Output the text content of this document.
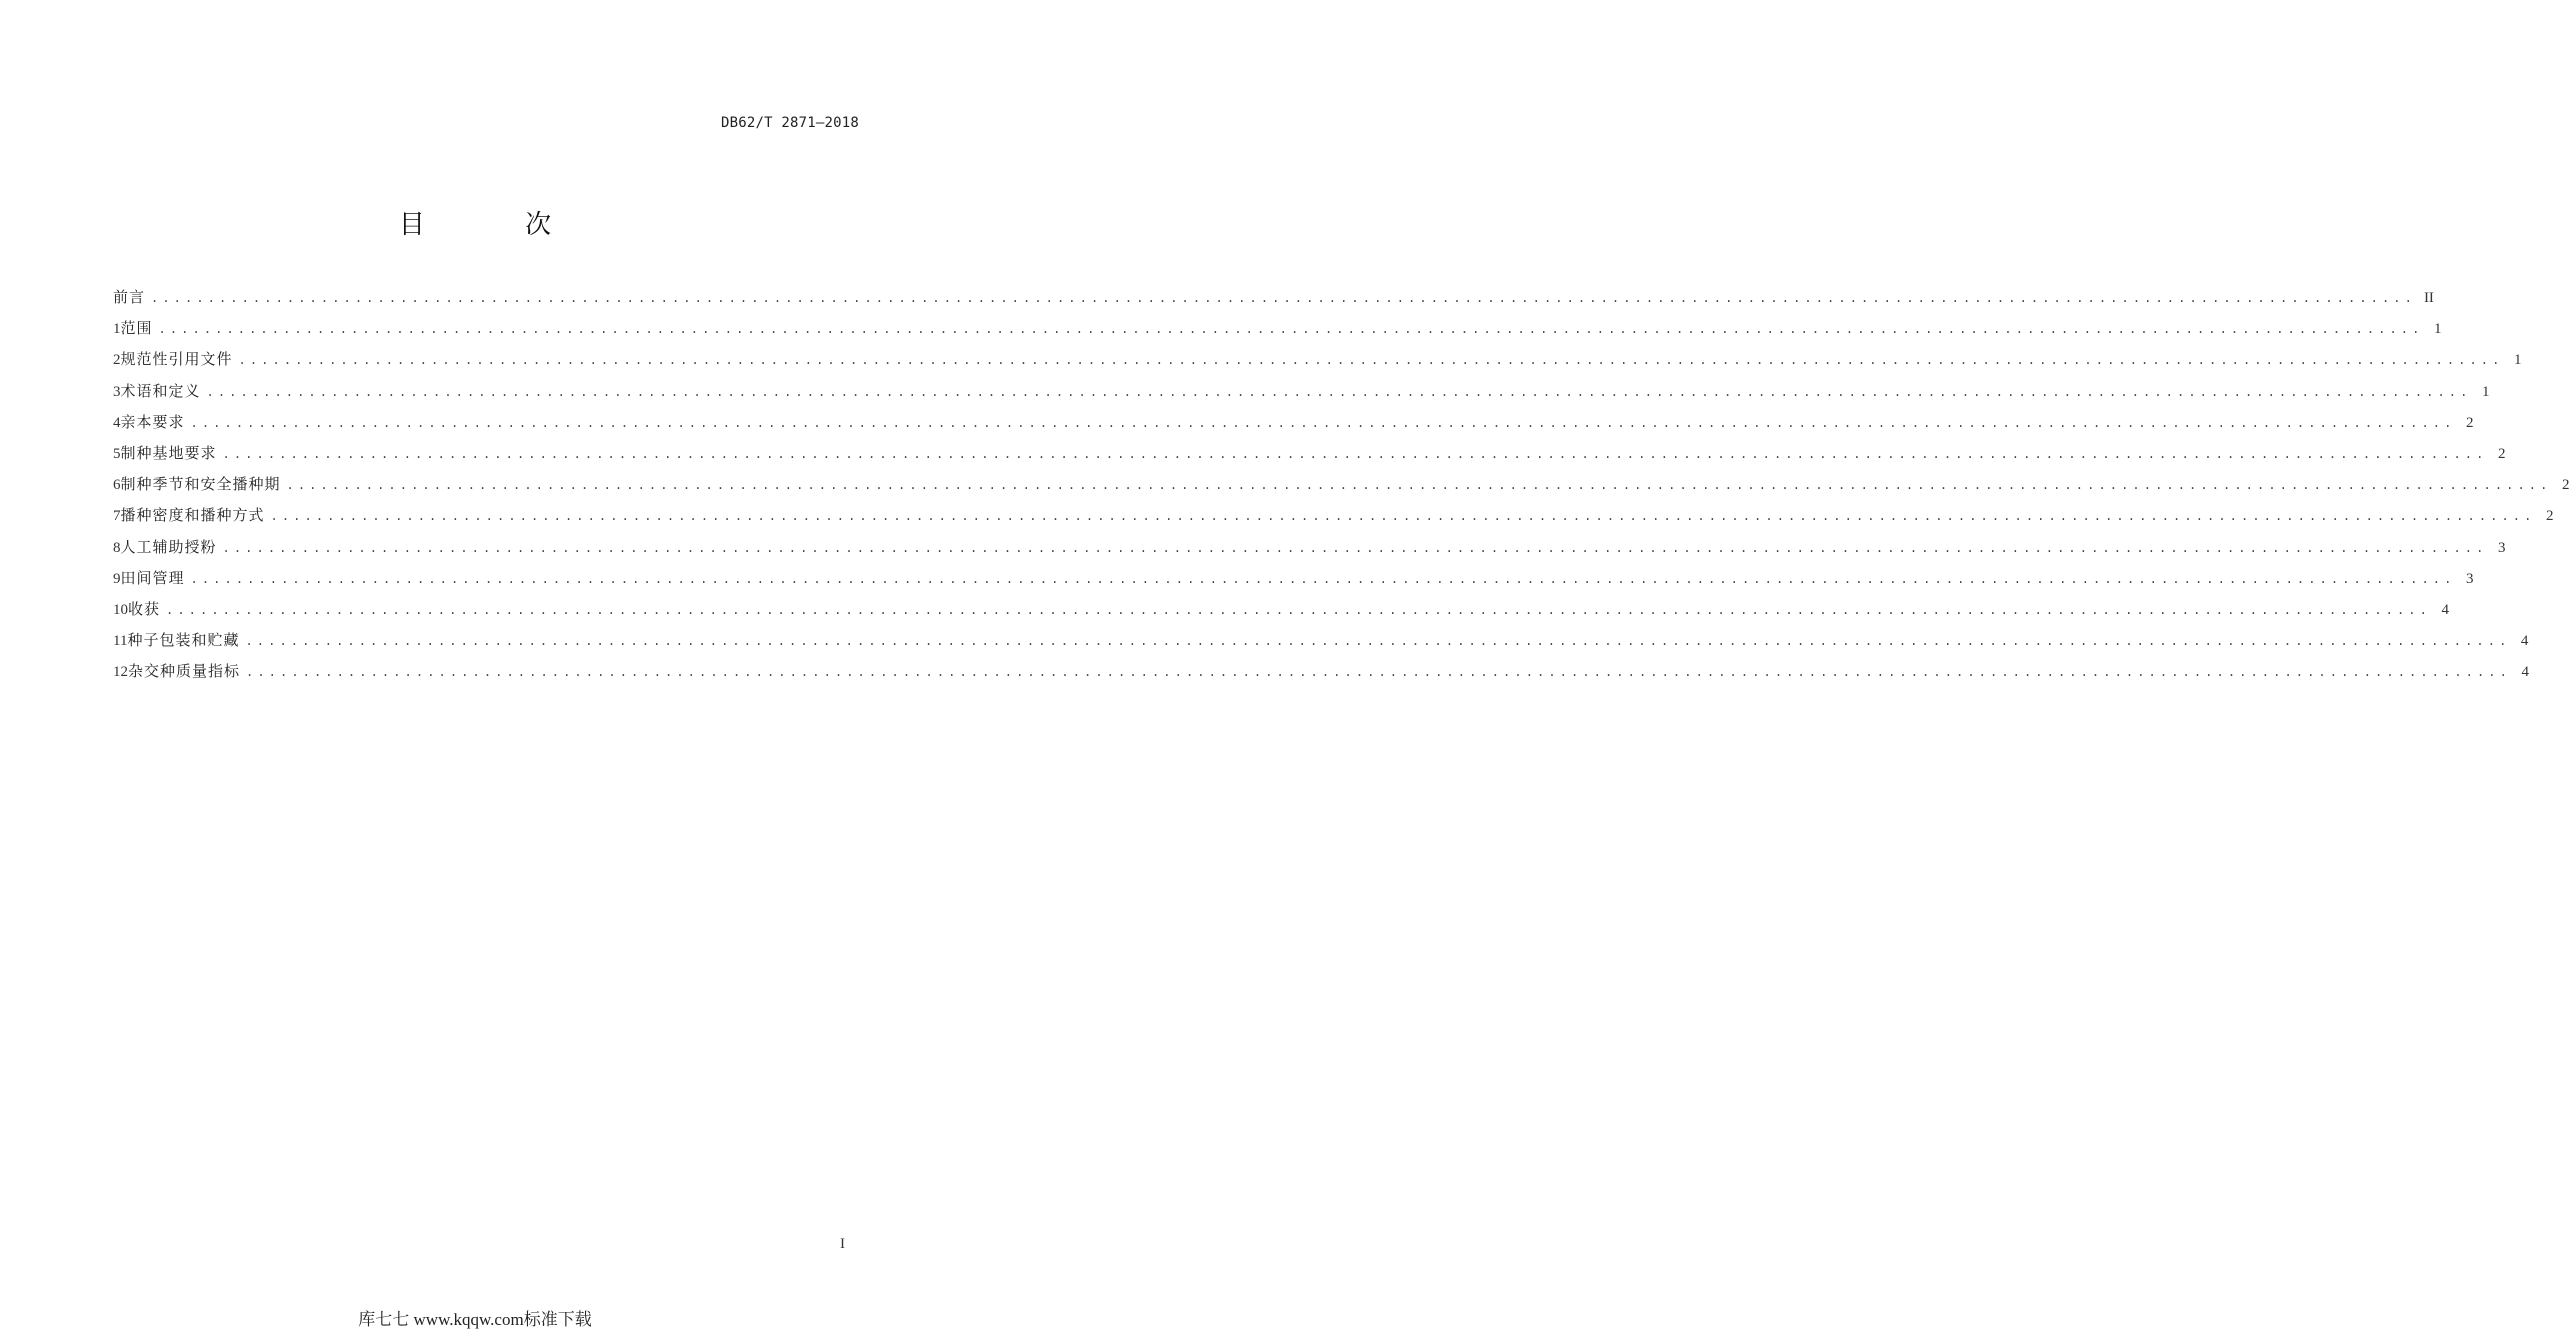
DB62/T 2871—2018
目 次
前言 ........................................................................................................................................................................................................ II
1 范围 ........................................................................................................................................................................................................ 1
2 规范性引用文件 ........................................................................................................................................................................................................ 1
3 术语和定义 ........................................................................................................................................................................................................ 1
4 亲本要求 ........................................................................................................................................................................................................ 2
5 制种基地要求 ........................................................................................................................................................................................................ 2
6 制种季节和安全播种期 ........................................................................................................................................................................................................ 2
7 播种密度和播种方式 ........................................................................................................................................................................................................ 2
8 人工辅助授粉 ........................................................................................................................................................................................................ 3
9 田间管理 ........................................................................................................................................................................................................ 3
10 收获 ........................................................................................................................................................................................................ 4
11 种子包装和贮藏 ........................................................................................................................................................................................................ 4
12 杂交种质量指标 ........................................................................................................................................................................................................ 4
I
库七七 www.kqqw.com标准下载
